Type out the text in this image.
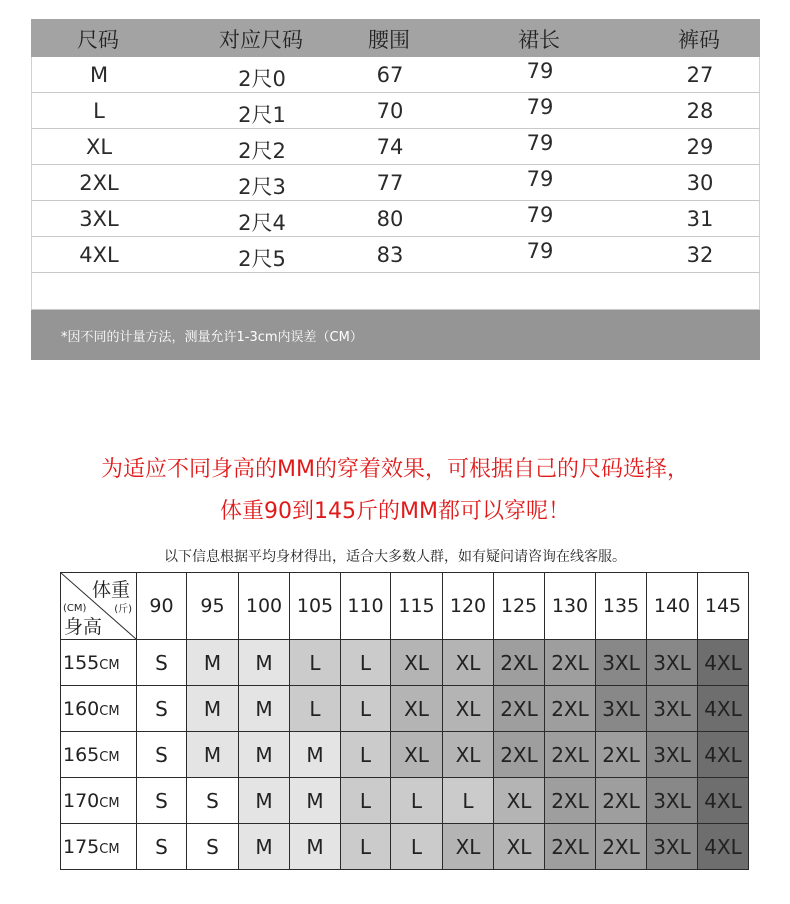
尺码	对应尺码	腰围	裙长	裤码
M	2尺0	67	79	27
L	2尺1	70	79	28
XL	2尺2	74	79	29
2XL	2尺3	77	79	30
3XL	2尺4	80	79	31
4XL	2尺5	83	79	32
*因不同的计量方法，测量允许1-3cm内误差（CM）
为适应不同身高的MM的穿着效果，可根据自己的尺码选择，
体重90到145斤的MM都可以穿呢！
以下信息根据平均身材得出，适合大多数人群，如有疑问请咨询在线客服。
体重
(斤)
(CM)
身高	90	95	100	105	110	115	120	125	130	135	140	145
155CM	S	M	M	L	L	XL	XL	2XL	2XL	3XL	3XL	4XL
160CM	S	M	M	L	L	XL	XL	2XL	2XL	3XL	3XL	4XL
165CM	S	M	M	M	L	XL	XL	2XL	2XL	2XL	3XL	4XL
170CM	S	S	M	M	L	L	L	XL	2XL	2XL	3XL	4XL
175CM	S	S	M	M	L	L	XL	XL	2XL	2XL	3XL	4XL
